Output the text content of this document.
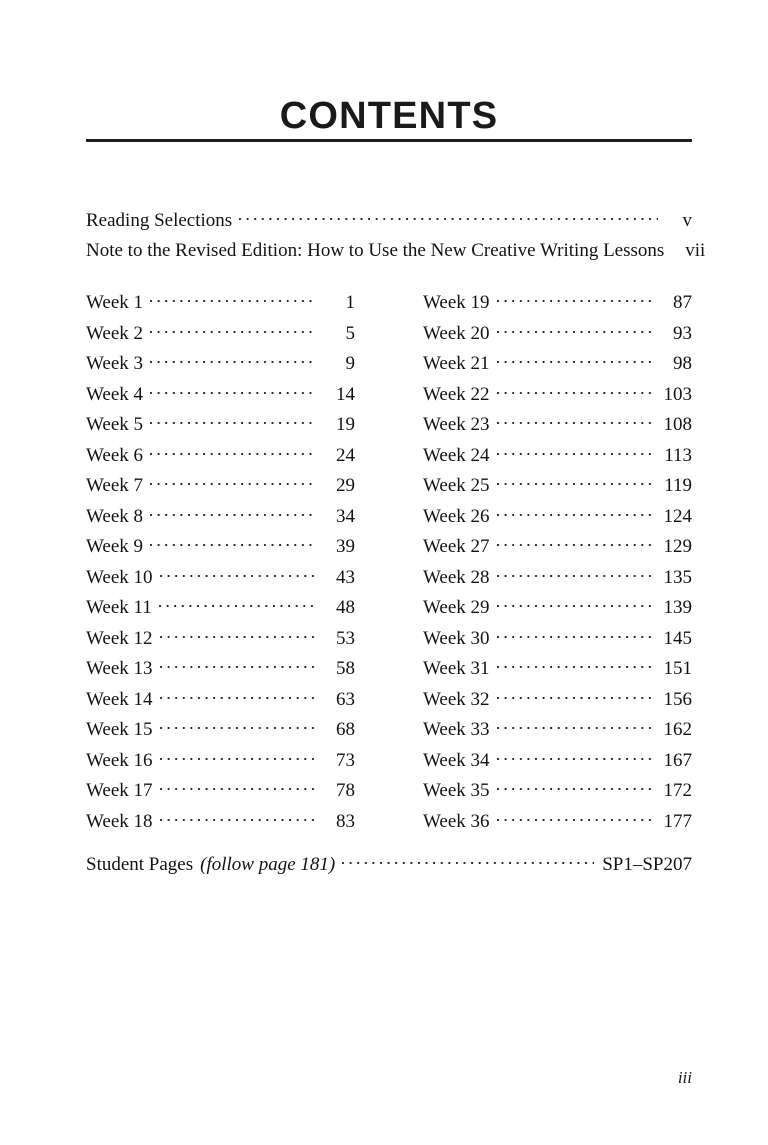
CONTENTS
Reading Selections	v
Note to the Revised Edition: How to Use the New Creative Writing Lessons	vii
Week 1	1
Week 2	5
Week 3	9
Week 4	14
Week 5	19
Week 6	24
Week 7	29
Week 8	34
Week 9	39
Week 10	43
Week 11	48
Week 12	53
Week 13	58
Week 14	63
Week 15	68
Week 16	73
Week 17	78
Week 18	83
Week 19	87
Week 20	93
Week 21	98
Week 22	103
Week 23	108
Week 24	113
Week 25	119
Week 26	124
Week 27	129
Week 28	135
Week 29	139
Week 30	145
Week 31	151
Week 32	156
Week 33	162
Week 34	167
Week 35	172
Week 36	177
Student Pages (follow page 181)	SP1–SP207
iii
